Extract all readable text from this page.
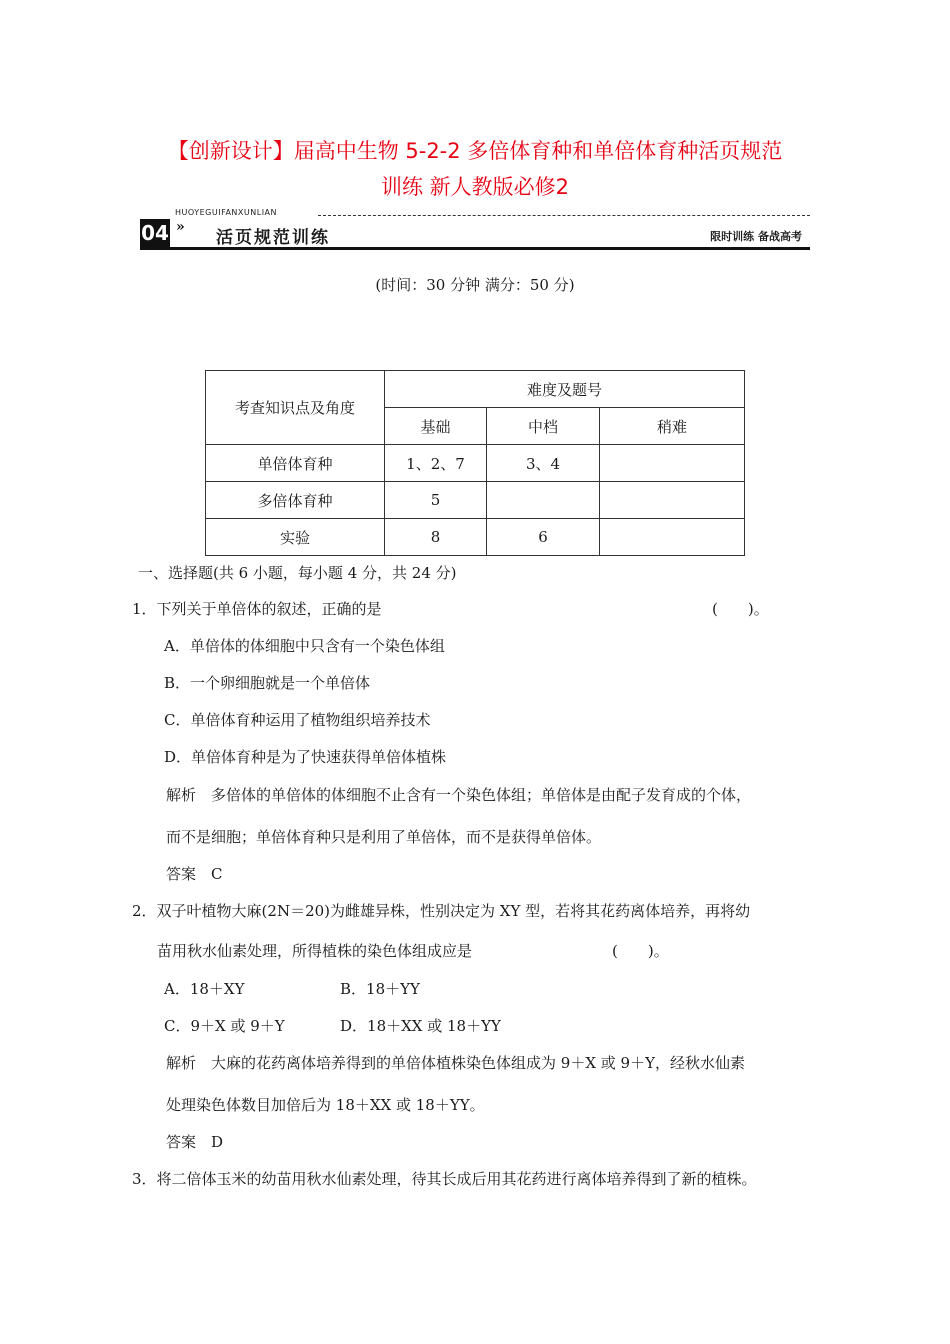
【创新设计】届高中生物 5-2-2 多倍体育种和单倍体育种活页规范
训练 新人教版必修2
HUOYEGUIFANXUNLIAN
04 »
活页规范训练	限时训练 备战高考
(时间：30 分钟 满分：50 分)
考查知识点及角度	难度及题号		
	基础	中档	稍难
单倍体育种	1、2、7	3、4	
多倍体育种	5		
实验	8	6	
一、选择题(共 6 小题，每小题 4 分，共 24 分)
1．下列关于单倍体的叙述，正确的是	(　　)。
A．单倍体的体细胞中只含有一个染色体组
B．一个卵细胞就是一个单倍体
C．单倍体育种运用了植物组织培养技术
D．单倍体育种是为了快速获得单倍体植株
解析　多倍体的单倍体的体细胞不止含有一个染色体组；单倍体是由配子发育成的个体，
而不是细胞；单倍体育种只是利用了单倍体，而不是获得单倍体。
答案　C
2．双子叶植物大麻(2N＝20)为雌雄异株，性别决定为 XY 型，若将其花药离体培养，再将幼
苗用秋水仙素处理，所得植株的染色体组成应是	(　　)。
A．18＋XY	B．18＋YY
C．9＋X 或 9＋Y	D．18＋XX 或 18＋YY
解析　大麻的花药离体培养得到的单倍体植株染色体组成为 9＋X 或 9＋Y，经秋水仙素
处理染色体数目加倍后为 18＋XX 或 18＋YY。
答案　D
3．将二倍体玉米的幼苗用秋水仙素处理，待其长成后用其花药进行离体培养得到了新的植株。
